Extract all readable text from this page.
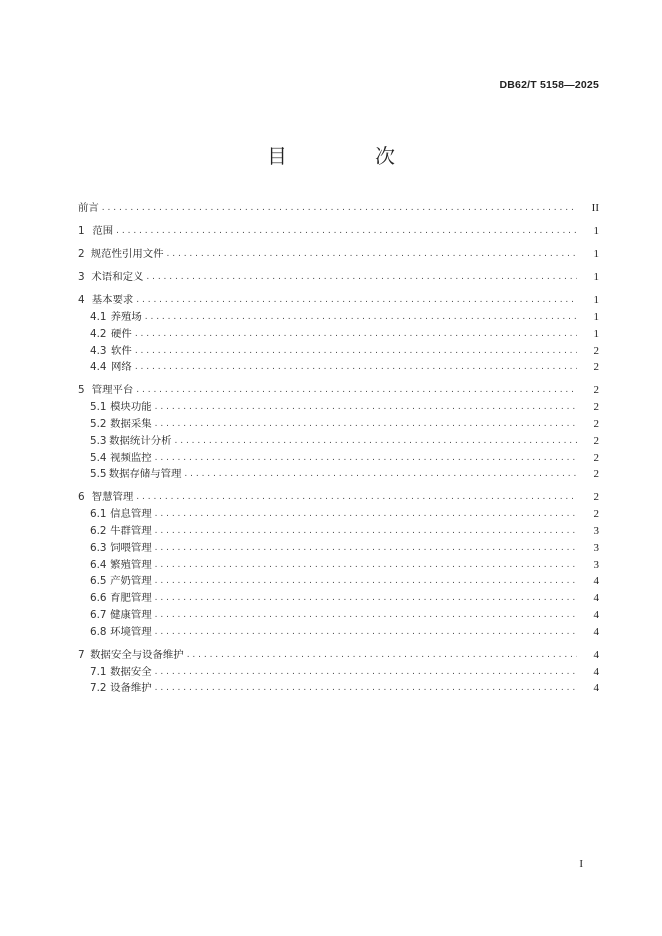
DB62/T 5158—2025
目　次
前言 . . .	II
1 范围 . . .	1
2 规范性引用文件 . . .	1
3 术语和定义 . . .	1
4 基本要求 . . .	1
4.1 养殖场 . . .	1
4.2 硬件 . . .	1
4.3 软件 . . .	2
4.4 网络 . . .	2
5 管理平台 . . .	2
5.1 模块功能 . . .	2
5.2 数据采集 . . .	2
5.3 数据统计分析 . . .	2
5.4 视频监控 . . .	2
5.5 数据存储与管理 . . .	2
6 智慧管理 . . .	2
6.1 信息管理 . . .	2
6.2 牛群管理 . . .	3
6.3 饲喂管理 . . .	3
6.4 繁殖管理 . . .	3
6.5 产奶管理 . . .	4
6.6 育肥管理 . . .	4
6.7 健康管理 . . .	4
6.8 环境管理 . . .	4
7 数据安全与设备维护 . . .	4
7.1 数据安全 . . .	4
7.2 设备维护 . . .	4
I
